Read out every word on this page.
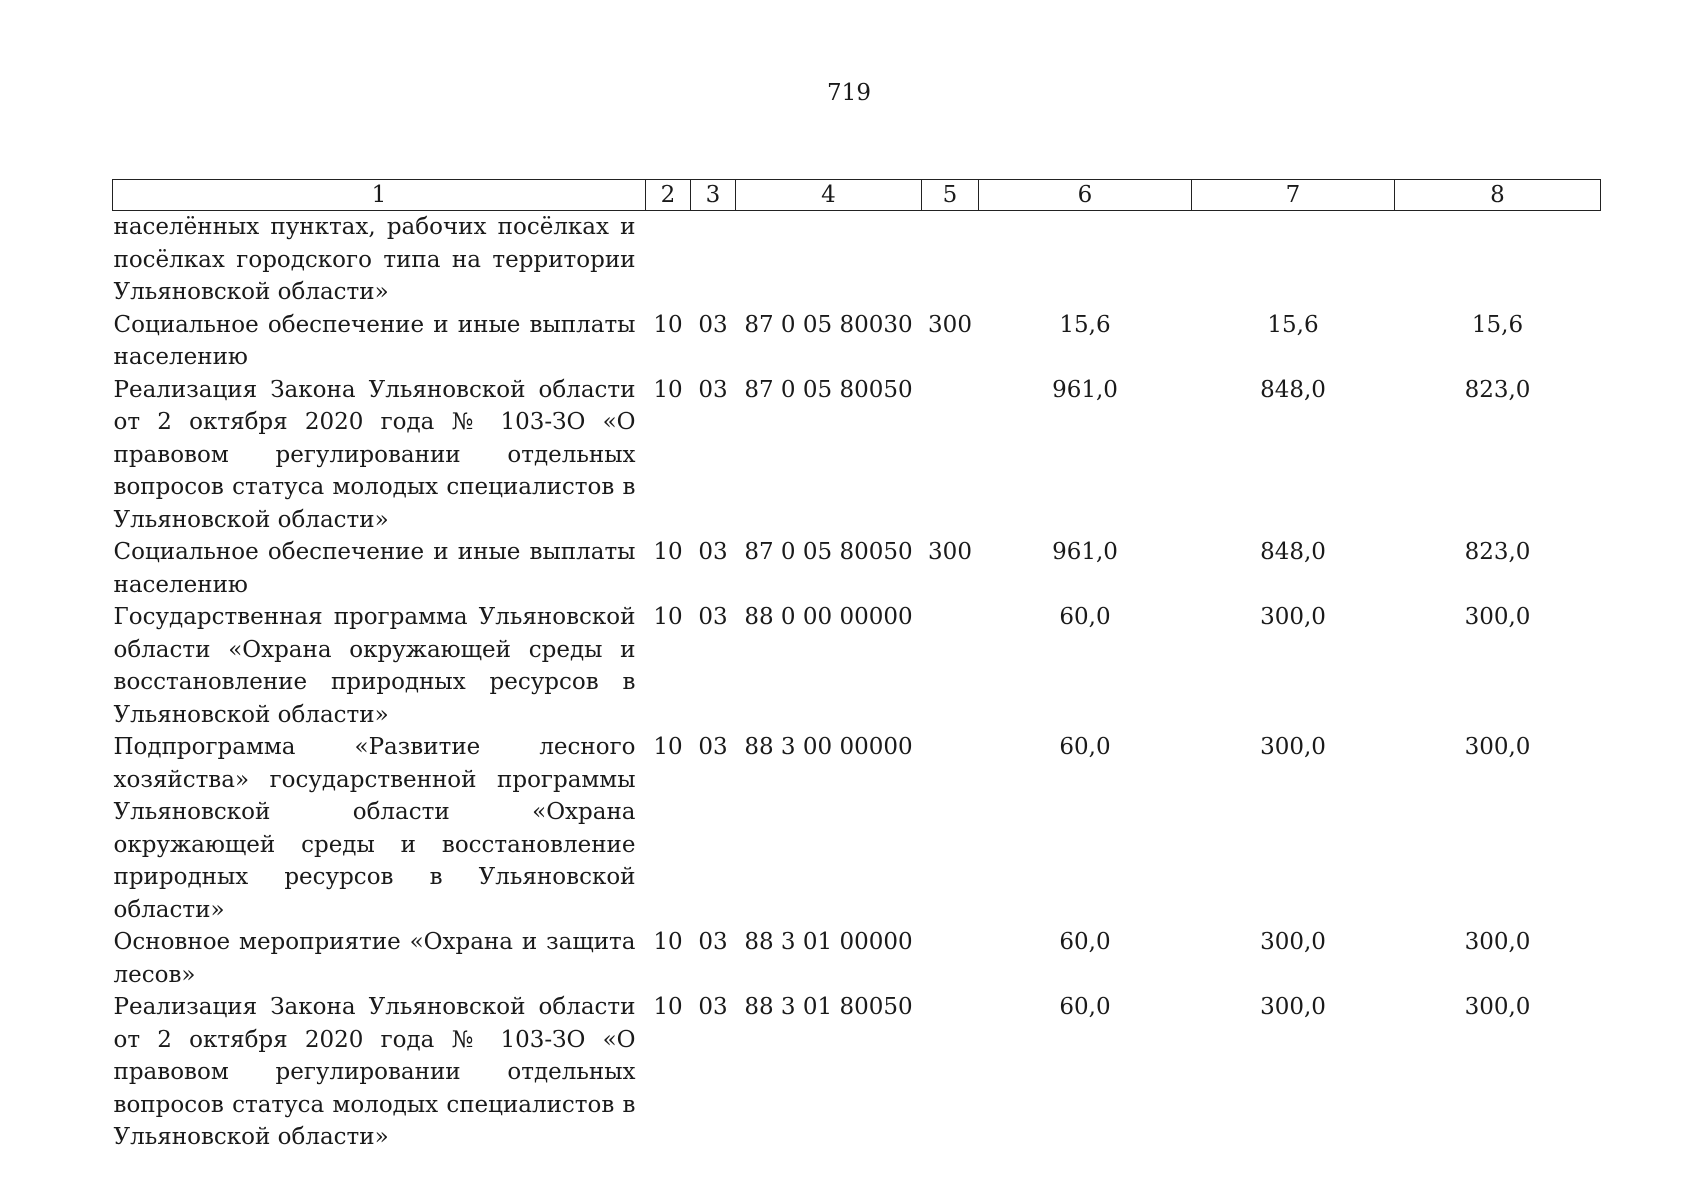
719
1	2	3	4	5	6	7	8
населённых пунктах, рабочих посёлках и посёлках городского типа на территории Ульяновской области»							
Социальное обеспечение и иные выплаты населению	10	03	87 0 05 80030	300	15,6	15,6	15,6
Реализация Закона Ульяновской области от 2 октября 2020 года № 103-ЗО «О правовом регулировании отдельных вопросов статуса молодых специалистов в Ульяновской области»	10	03	87 0 05 80050		961,0	848,0	823,0
Социальное обеспечение и иные выплаты населению	10	03	87 0 05 80050	300	961,0	848,0	823,0
Государственная программа Ульяновской области «Охрана окружающей среды и восстановление природных ресурсов в Ульяновской области»	10	03	88 0 00 00000		60,0	300,0	300,0
Подпрограмма «Развитие лесного хозяйства» государственной программы Ульяновской области «Охрана окружающей среды и восстановление природных ресурсов в Ульяновской области»	10	03	88 3 00 00000		60,0	300,0	300,0
Основное мероприятие «Охрана и защита лесов»	10	03	88 3 01 00000		60,0	300,0	300,0
Реализация Закона Ульяновской области от 2 октября 2020 года № 103-ЗО «О правовом регулировании отдельных вопросов статуса молодых специалистов в Ульяновской области»	10	03	88 3 01 80050		60,0	300,0	300,0
